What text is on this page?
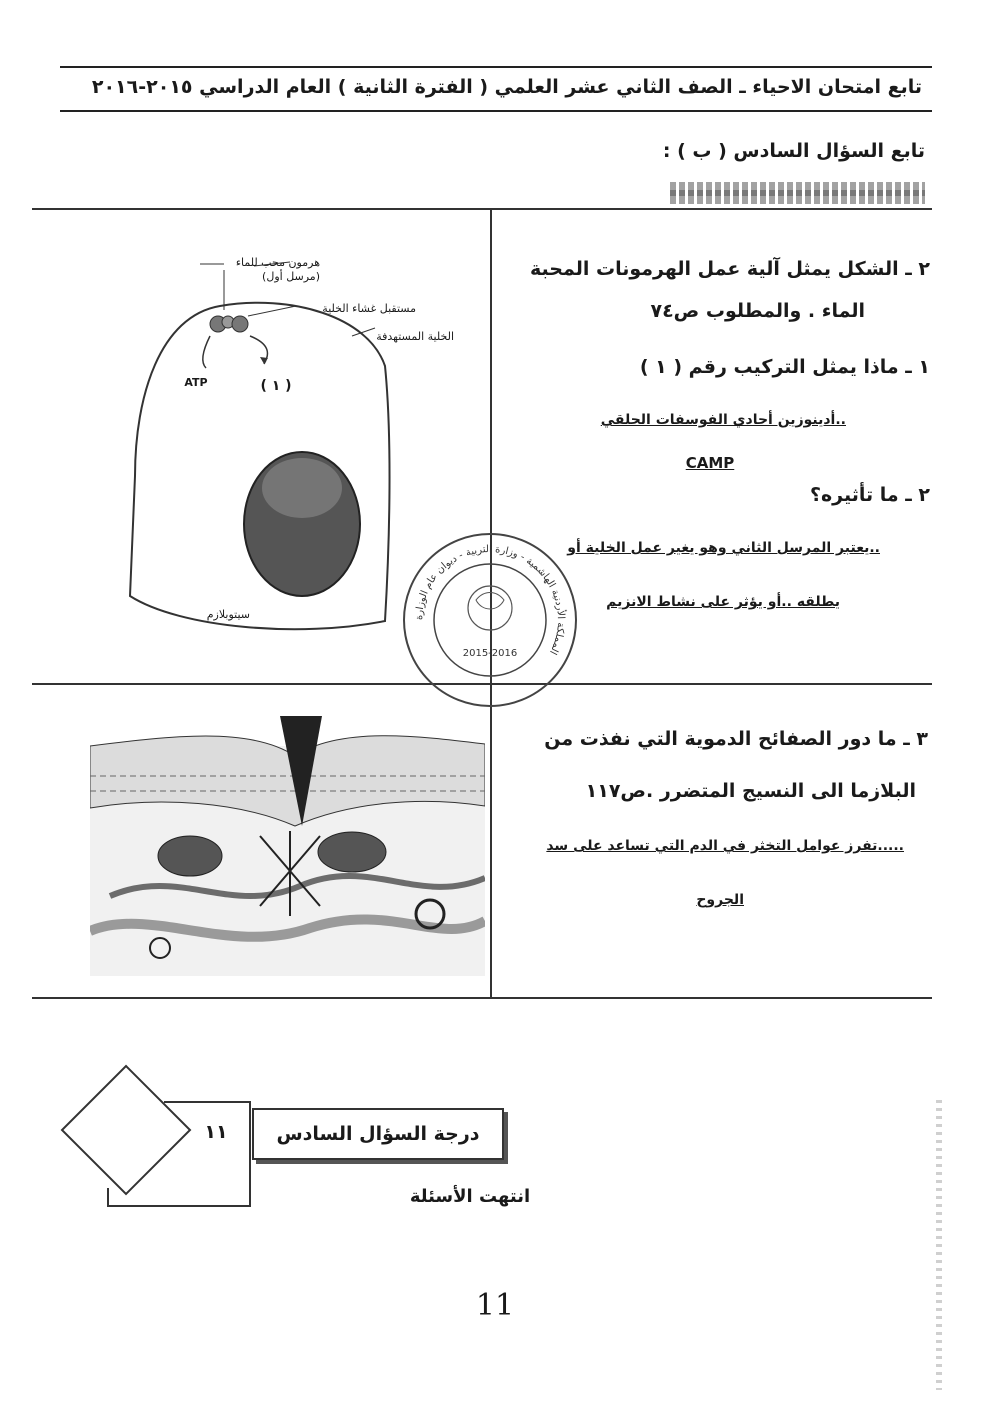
تابع امتحان الاحياء ـ الصف الثاني عشر العلمي ( الفترة الثانية ) العام الدراسي ٢٠١٥-٢٠١٦
تابع السؤال السادس ( ب ) :
٢ ـ الشكل يمثل آلية عمل الهرمونات المحبة
الماء . والمطلوب ص٧٤
١ ـ ماذا يمثل التركيب رقم ( ١ )
..أدينوزين أحادي الفوسفات الحلقي
CAMP
٢ ـ ما تأثيره؟
..يعتبر المرسل الثاني وهو يغير عمل الخلية أو
يطلقه ..أو يؤثر على نشاط الانزيم
هرمون محب للماء
(مرسل أول)
مستقبل غشاء الخلية
الخلية المستهدفة
ATP	( ١ )
سيتوبلازم	المملكة الأردنية الهاشمية - وزارة التربية - ديوان عام الوزارة
2015-2016
٣ ـ ما دور الصفائح الدموية التي نفذت من
البلازما الى النسيج المتضرر .ص١١٧
.....تفرز عوامل التخثر في الدم التي تساعد على سد
الجروح
١١	درجة السؤال السادس
انتهت الأسئلة
11
